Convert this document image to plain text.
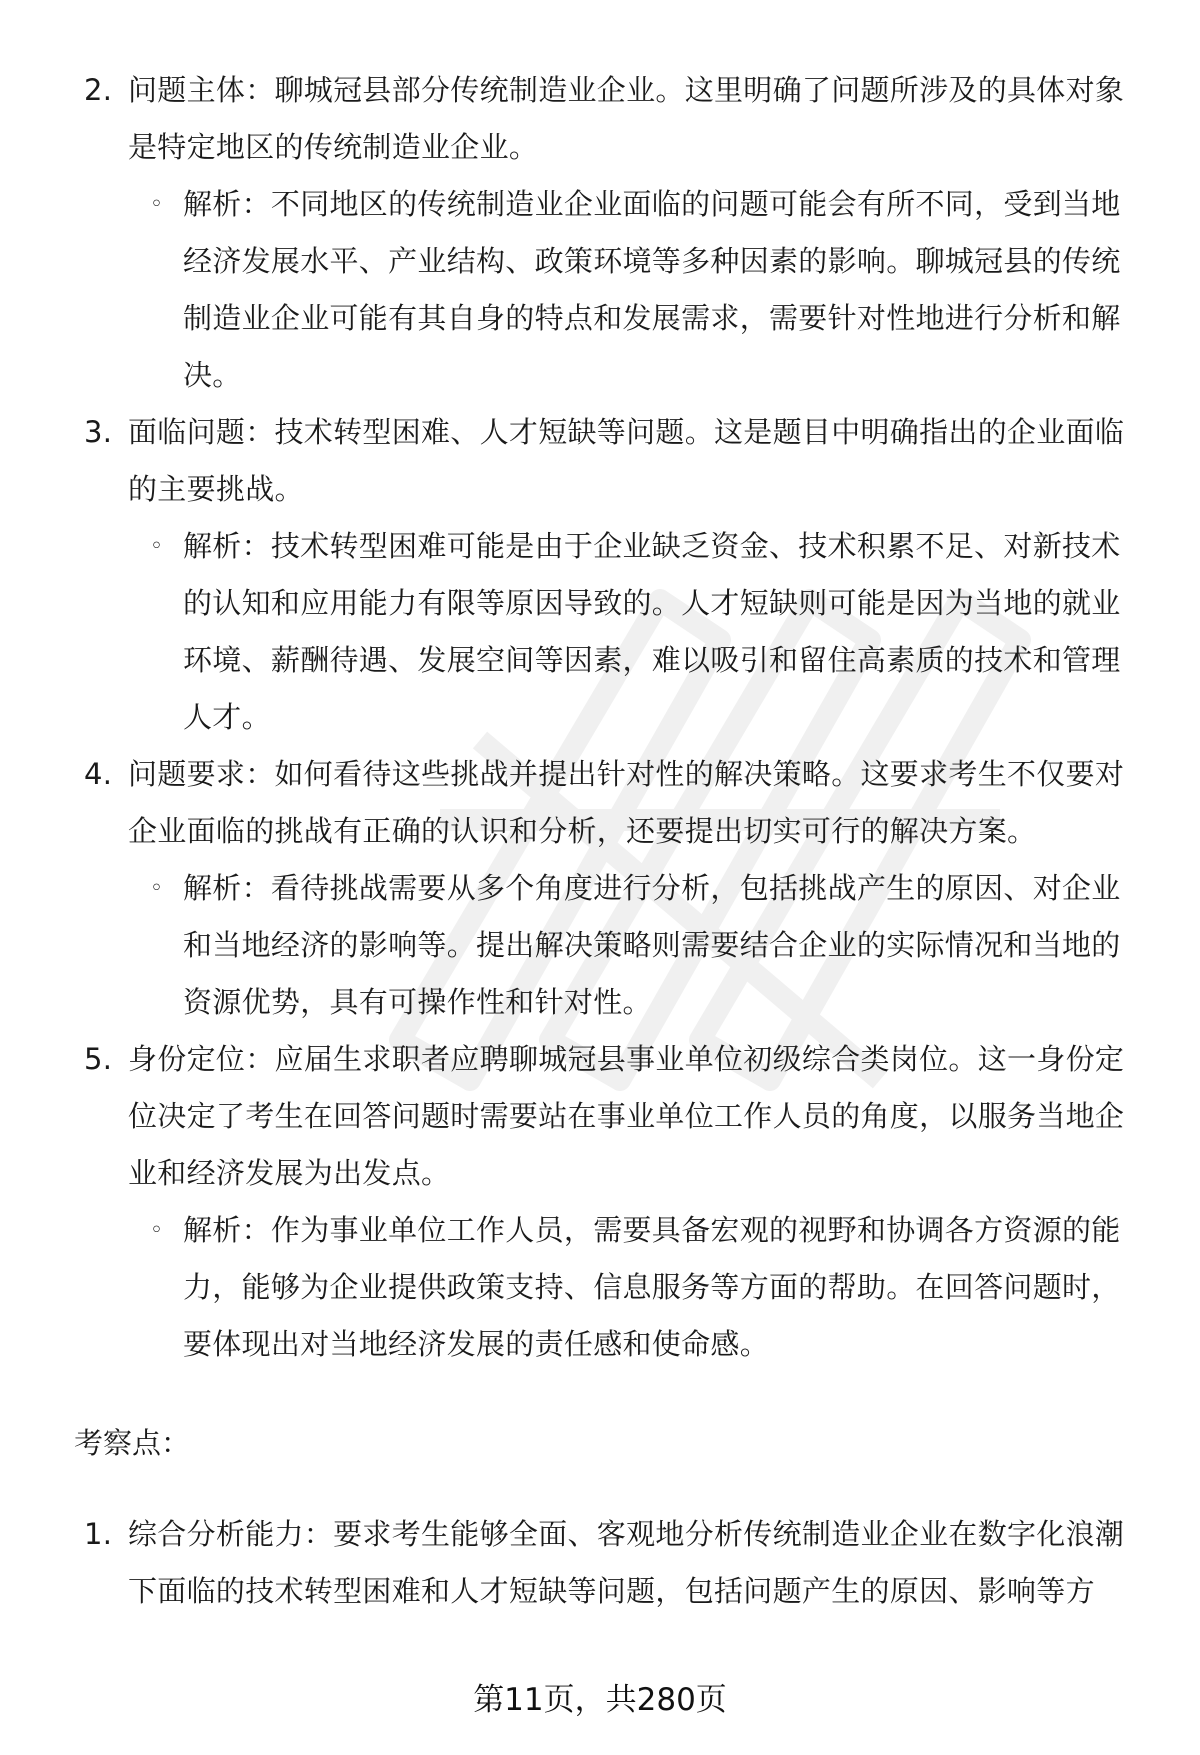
2. 问题主体：聊城冠县部分传统制造业企业。这里明确了问题所涉及的具体对象是特定地区的传统制造业企业。
◦ 解析：不同地区的传统制造业企业面临的问题可能会有所不同，受到当地经济发展水平、产业结构、政策环境等多种因素的影响。聊城冠县的传统制造业企业可能有其自身的特点和发展需求，需要针对性地进行分析和解决。
3. 面临问题：技术转型困难、人才短缺等问题。这是题目中明确指出的企业面临的主要挑战。
◦ 解析：技术转型困难可能是由于企业缺乏资金、技术积累不足、对新技术的认知和应用能力有限等原因导致的。人才短缺则可能是因为当地的就业环境、薪酬待遇、发展空间等因素，难以吸引和留住高素质的技术和管理人才。
4. 问题要求：如何看待这些挑战并提出针对性的解决策略。这要求考生不仅要对企业面临的挑战有正确的认识和分析，还要提出切实可行的解决方案。
◦ 解析：看待挑战需要从多个角度进行分析，包括挑战产生的原因、对企业和当地经济的影响等。提出解决策略则需要结合企业的实际情况和当地的资源优势，具有可操作性和针对性。
5. 身份定位：应届生求职者应聘聊城冠县事业单位初级综合类岗位。这一身份定位决定了考生在回答问题时需要站在事业单位工作人员的角度，以服务当地企业和经济发展为出发点。
◦ 解析：作为事业单位工作人员，需要具备宏观的视野和协调各方资源的能力，能够为企业提供政策支持、信息服务等方面的帮助。在回答问题时，要体现出对当地经济发展的责任感和使命感。
考察点：
1. 综合分析能力：要求考生能够全面、客观地分析传统制造业企业在数字化浪潮下面临的技术转型困难和人才短缺等问题，包括问题产生的原因、影响等方
第11页，共280页
